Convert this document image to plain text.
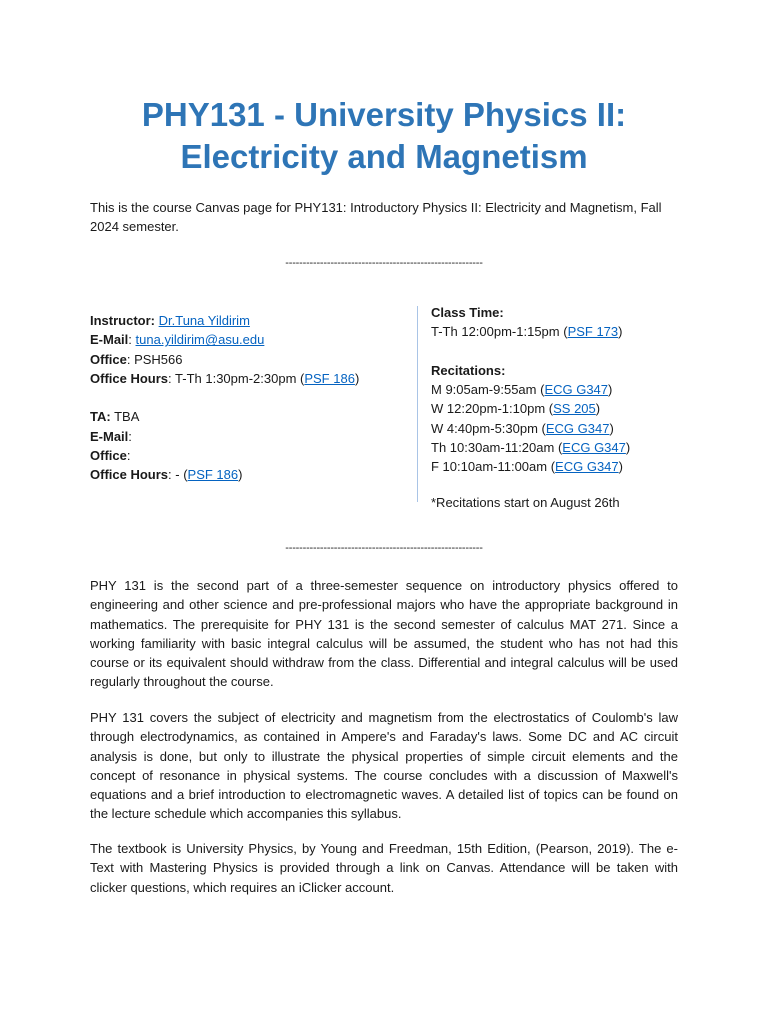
PHY131 - University Physics II:
Electricity and Magnetism

This is the course Canvas page for PHY131: Introductory Physics II: Electricity and Magnetism, Fall 2024 semester.

---------------------------------------------------------
Instructor: Dr.Tuna Yildirim
E-Mail: tuna.yildirim@asu.edu
Office: PSH566
Office Hours: T-Th 1:30pm-2:30pm (PSF 186)
TA: TBA
E-Mail:
Office:
Office Hours: - (PSF 186)
Class Time:
T-Th 12:00pm-1:15pm (PSF 173)
Recitations:
M 9:05am-9:55am (ECG G347)
W 12:20pm-1:10pm (SS 205)
W 4:40pm-5:30pm (ECG G347)
Th 10:30am-11:20am (ECG G347)
F 10:10am-11:00am (ECG G347)
*Recitations start on August 26th
---------------------------------------------------------

PHY 131 is the second part of a three-semester sequence on introductory physics offered to engineering and other science and pre-professional majors who have the appropriate background in mathematics. The prerequisite for PHY 131 is the second semester of calculus MAT 271. Since a working familiarity with basic integral calculus will be assumed, the student who has not had this course or its equivalent should withdraw from the class. Differential and integral calculus will be used regularly throughout the course.

PHY 131 covers the subject of electricity and magnetism from the electrostatics of Coulomb's law through electrodynamics, as contained in Ampere's and Faraday's laws. Some DC and AC circuit analysis is done, but only to illustrate the physical properties of simple circuit elements and the concept of resonance in physical systems. The course concludes with a discussion of Maxwell's equations and a brief introduction to electromagnetic waves. A detailed list of topics can be found on the lecture schedule which accompanies this syllabus.

The textbook is University Physics, by Young and Freedman, 15th Edition, (Pearson, 2019). The e-Text with Mastering Physics is provided through a link on Canvas. Attendance will be taken with clicker questions, which requires an iClicker account.
